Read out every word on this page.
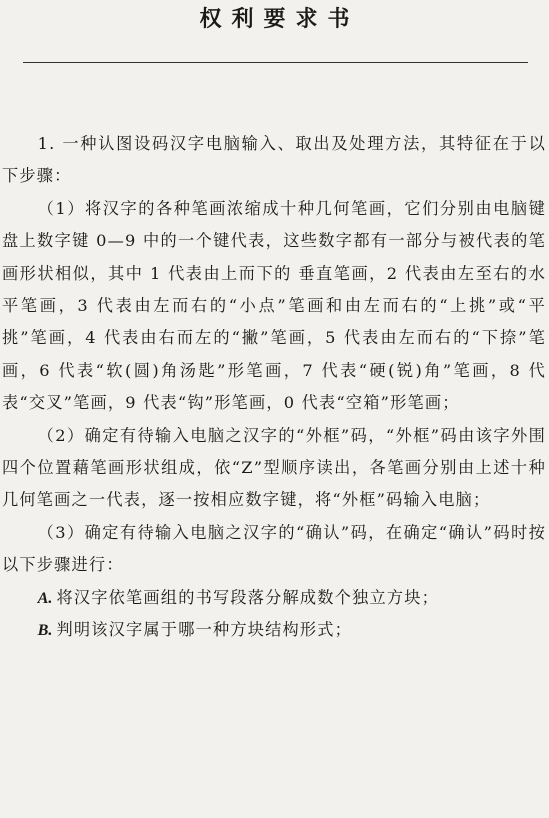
权利要求书

1. 一种认图设码汉字电脑输入、取出及处理方法，其特征在于以下步骤：

（1）将汉字的各种笔画浓缩成十种几何笔画，它们分别由电脑键盘上数字键 0—9 中的一个键代表，这些数字都有一部分与被代表的笔画形状相似，其中 1 代表由上而下的 垂直笔画，2 代表由左至右的水平笔画，3 代表由左而右的“小点”笔画和由左而右的“上挑”或“平挑”笔画，4 代表由右而左的“撇”笔画，5 代表由左而右的“下捺”笔画，6 代表“软(圆)角汤匙”形笔画，7 代表“硬(锐)角”笔画，8 代表“交叉”笔画，9 代表“钩”形笔画，0 代表“空箱”形笔画；

（2）确定有待输入电脑之汉字的“外框”码，“外框”码由该字外围四个位置藉笔画形状组成，依“Z”型顺序读出，各笔画分别由上述十种几何笔画之一代表，逐一按相应数字键，将“外框”码输入电脑；

（3）确定有待输入电脑之汉字的“确认”码，在确定“确认”码时按以下步骤进行：

A. 将汉字依笔画组的书写段落分解成数个独立方块；

B. 判明该汉字属于哪一种方块结构形式；
